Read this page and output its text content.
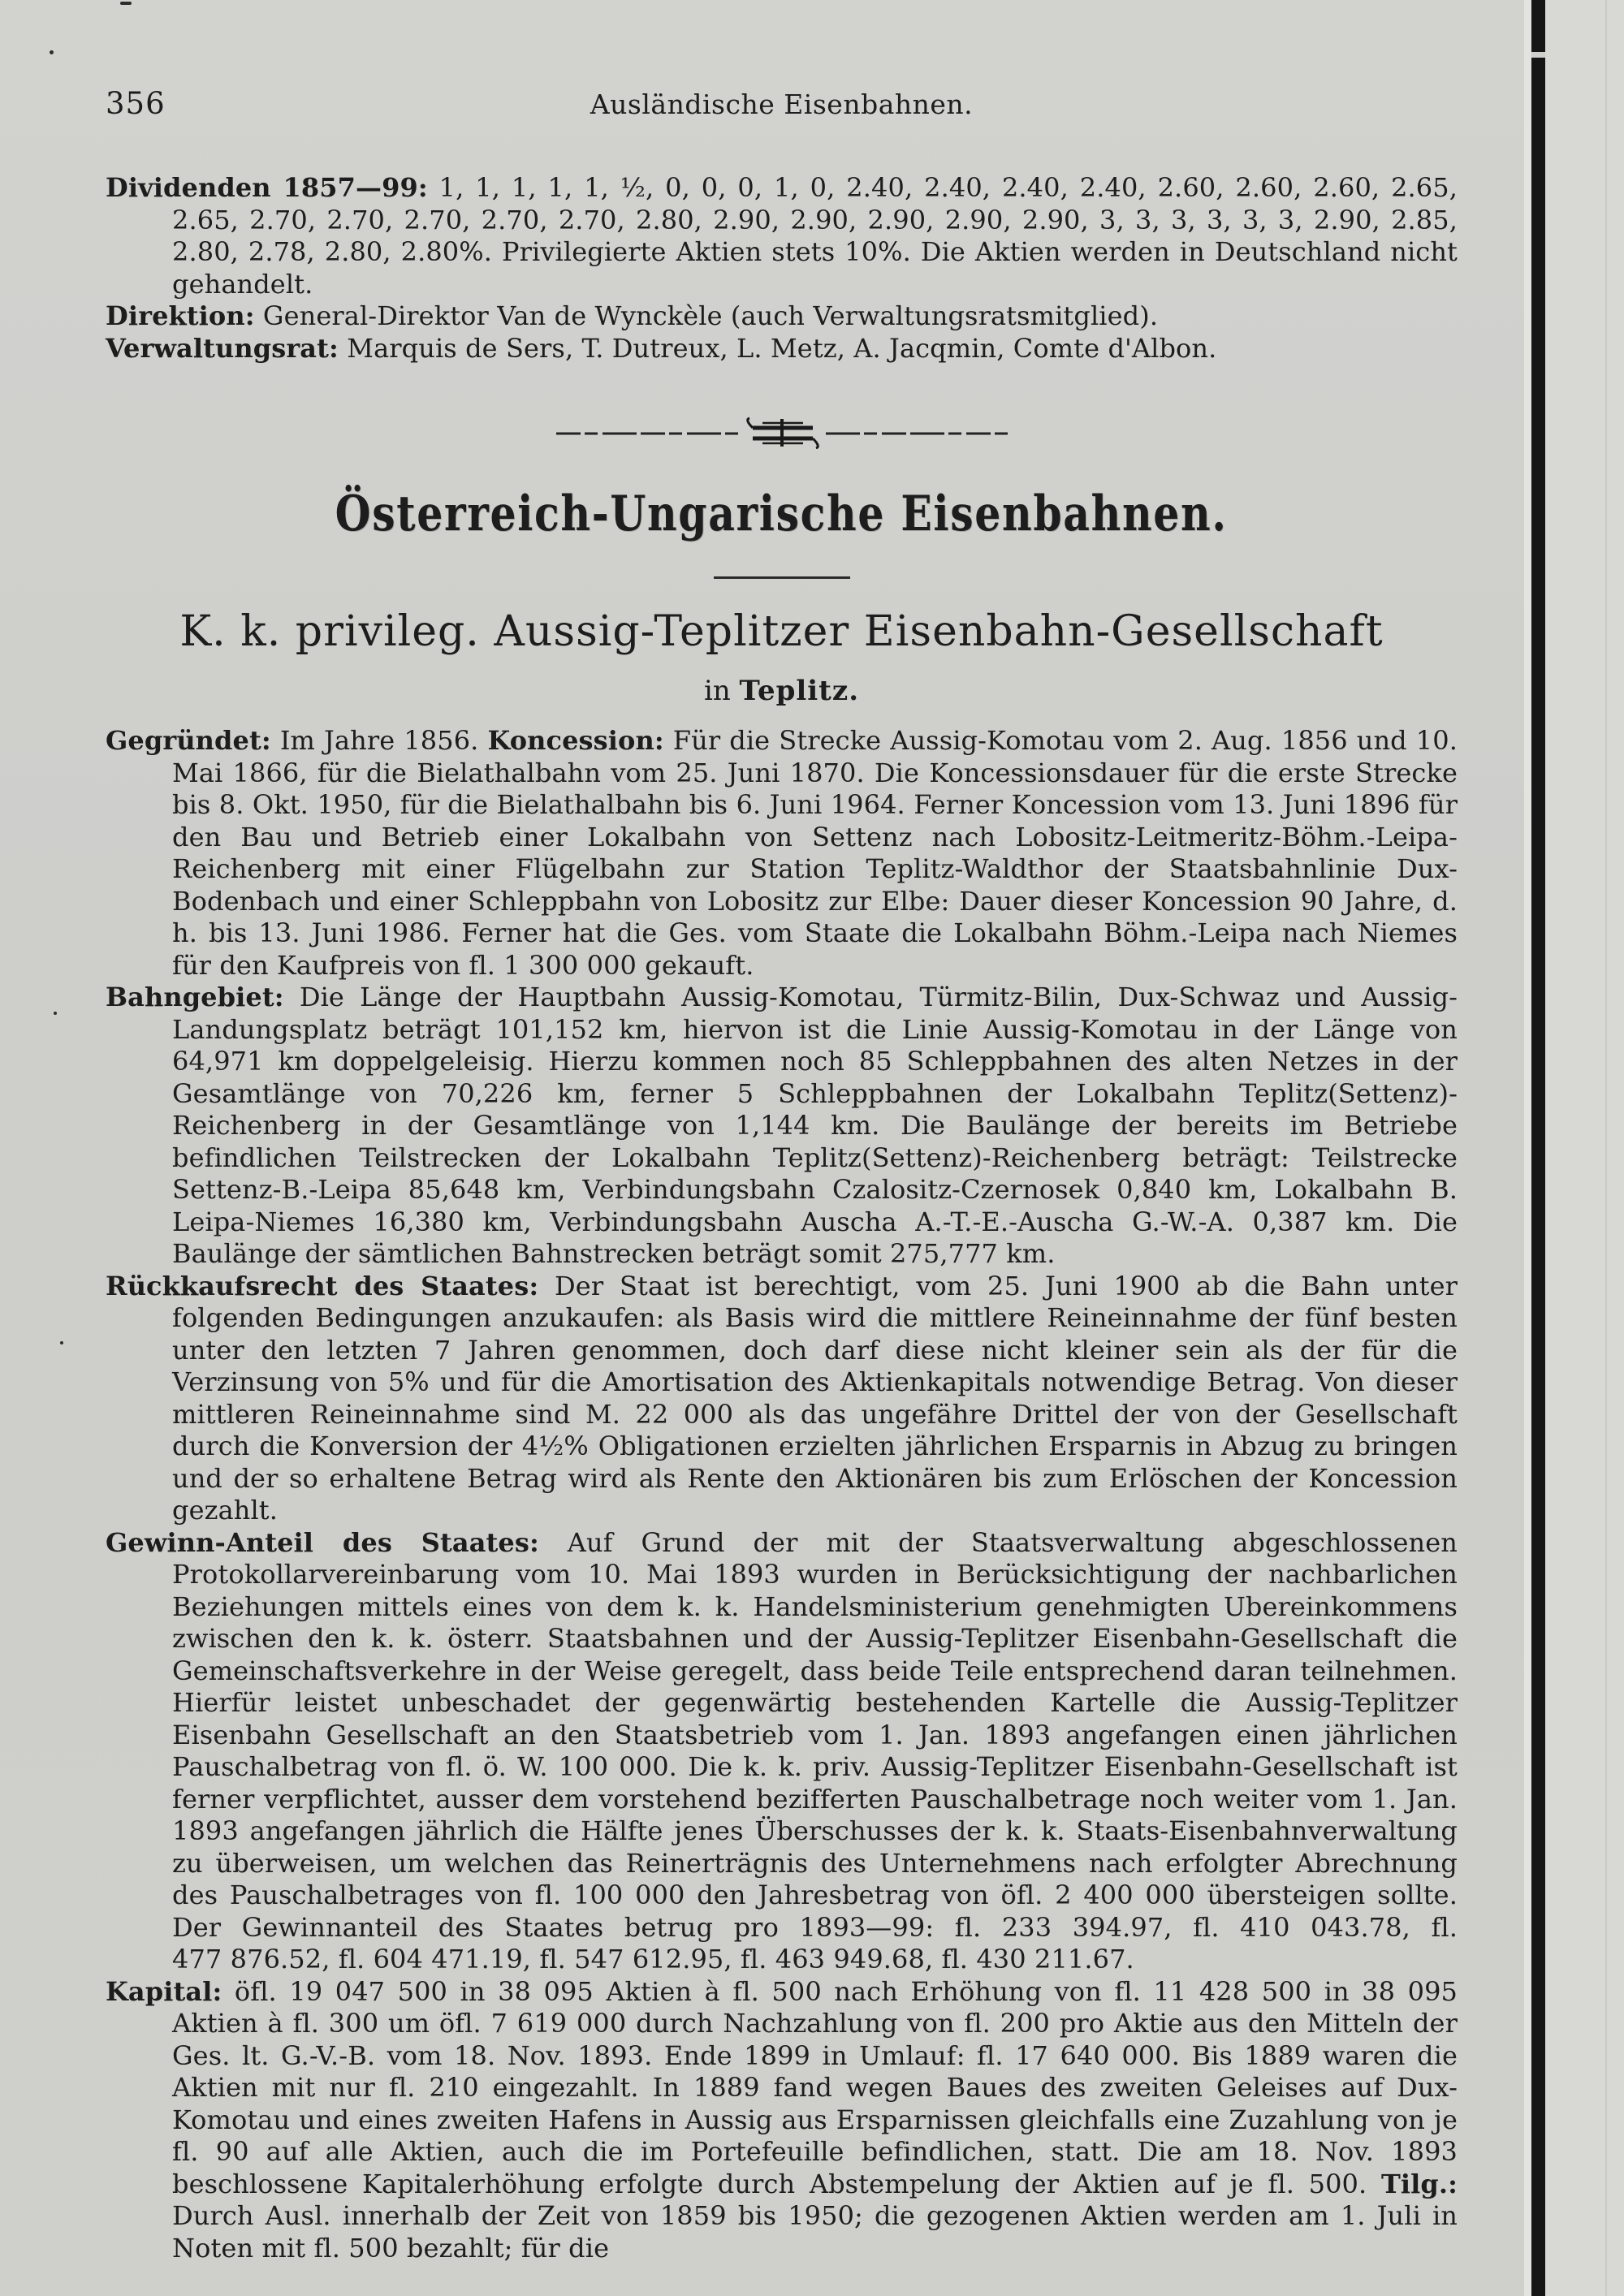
356	Ausländische Eisenbahnen.

Dividenden 1857—99: 1, 1, 1, 1, 1, ½, 0, 0, 0, 1, 0, 2.40, 2.40, 2.40, 2.40, 2.60, 2.60, 2.60, 2.65, 2.65, 2.70, 2.70, 2.70, 2.70, 2.70, 2.80, 2.90, 2.90, 2.90, 2.90, 2.90, 3, 3, 3, 3, 3, 3, 2.90, 2.85, 2.80, 2.78, 2.80, 2.80%. Privilegierte Aktien stets 10%. Die Aktien werden in Deutschland nicht gehandelt.

Direktion: General-Direktor Van de Wynckèle (auch Verwaltungsratsmitglied).

Verwaltungsrat: Marquis de Sers, T. Dutreux, L. Metz, A. Jacqmin, Comte d'Albon.

Österreich-Ungarische Eisenbahnen.
K. k. privileg. Aussig-Teplitzer Eisenbahn-Gesellschaft
in Teplitz.

Gegründet: Im Jahre 1856. Koncession: Für die Strecke Aussig-Komotau vom 2. Aug. 1856 und 10. Mai 1866, für die Bielathalbahn vom 25. Juni 1870. Die Koncessionsdauer für die erste Strecke bis 8. Okt. 1950, für die Bielathalbahn bis 6. Juni 1964. Ferner Koncession vom 13. Juni 1896 für den Bau und Betrieb einer Lokalbahn von Settenz nach Lobositz-Leitmeritz-Böhm.-Leipa-Reichenberg mit einer Flügelbahn zur Station Teplitz-Waldthor der Staatsbahnlinie Dux-Bodenbach und einer Schleppbahn von Lobositz zur Elbe: Dauer dieser Koncession 90 Jahre, d. h. bis 13. Juni 1986. Ferner hat die Ges. vom Staate die Lokalbahn Böhm.-Leipa nach Niemes für den Kaufpreis von fl. 1 300 000 gekauft.

Bahngebiet: Die Länge der Hauptbahn Aussig-Komotau, Türmitz-Bilin, Dux-Schwaz und Aussig-Landungsplatz beträgt 101,152 km, hiervon ist die Linie Aussig-Komotau in der Länge von 64,971 km doppelgeleisig. Hierzu kommen noch 85 Schleppbahnen des alten Netzes in der Gesamtlänge von 70,226 km, ferner 5 Schleppbahnen der Lokalbahn Teplitz(Settenz)-Reichenberg in der Gesamtlänge von 1,144 km. Die Baulänge der bereits im Betriebe befindlichen Teilstrecken der Lokalbahn Teplitz(Settenz)-Reichenberg beträgt: Teilstrecke Settenz-B.-Leipa 85,648 km, Verbindungsbahn Czalositz-Czernosek 0,840 km, Lokalbahn B. Leipa-Niemes 16,380 km, Verbindungsbahn Auscha A.-T.-E.-Auscha G.-W.-A. 0,387 km. Die Baulänge der sämtlichen Bahnstrecken beträgt somit 275,777 km.

Rückkaufsrecht des Staates: Der Staat ist berechtigt, vom 25. Juni 1900 ab die Bahn unter folgenden Bedingungen anzukaufen: als Basis wird die mittlere Reineinnahme der fünf besten unter den letzten 7 Jahren genommen, doch darf diese nicht kleiner sein als der für die Verzinsung von 5% und für die Amortisation des Aktienkapitals notwendige Betrag. Von dieser mittleren Reineinnahme sind M. 22 000 als das ungefähre Drittel der von der Gesellschaft durch die Konversion der 4½% Obligationen erzielten jährlichen Ersparnis in Abzug zu bringen und der so erhaltene Betrag wird als Rente den Aktionären bis zum Erlöschen der Koncession gezahlt.

Gewinn-Anteil des Staates: Auf Grund der mit der Staatsverwaltung abgeschlossenen Protokollarvereinbarung vom 10. Mai 1893 wurden in Berücksichtigung der nachbarlichen Beziehungen mittels eines von dem k. k. Handelsministerium genehmigten Ubereinkommens zwischen den k. k. österr. Staatsbahnen und der Aussig-Teplitzer Eisenbahn-Gesellschaft die Gemeinschaftsverkehre in der Weise geregelt, dass beide Teile entsprechend daran teilnehmen. Hierfür leistet unbeschadet der gegenwärtig bestehenden Kartelle die Aussig-Teplitzer Eisenbahn Gesellschaft an den Staatsbetrieb vom 1. Jan. 1893 angefangen einen jährlichen Pauschalbetrag von fl. ö. W. 100 000. Die k. k. priv. Aussig-Teplitzer Eisenbahn-Gesellschaft ist ferner verpflichtet, ausser dem vorstehend bezifferten Pauschalbetrage noch weiter vom 1. Jan. 1893 angefangen jährlich die Hälfte jenes Überschusses der k. k. Staats-Eisenbahnverwaltung zu überweisen, um welchen das Reinerträgnis des Unternehmens nach erfolgter Abrechnung des Pauschalbetrages von fl. 100 000 den Jahresbetrag von öfl. 2 400 000 übersteigen sollte. Der Gewinnanteil des Staates betrug pro 1893—99: fl. 233 394.97, fl. 410 043.78, fl. 477 876.52, fl. 604 471.19, fl. 547 612.95, fl. 463 949.68, fl. 430 211.67.

Kapital: öfl. 19 047 500 in 38 095 Aktien à fl. 500 nach Erhöhung von fl. 11 428 500 in 38 095 Aktien à fl. 300 um öfl. 7 619 000 durch Nachzahlung von fl. 200 pro Aktie aus den Mitteln der Ges. lt. G.-V.-B. vom 18. Nov. 1893. Ende 1899 in Umlauf: fl. 17 640 000. Bis 1889 waren die Aktien mit nur fl. 210 eingezahlt. In 1889 fand wegen Baues des zweiten Geleises auf Dux-Komotau und eines zweiten Hafens in Aussig aus Ersparnissen gleichfalls eine Zuzahlung von je fl. 90 auf alle Aktien, auch die im Portefeuille befindlichen, statt. Die am 18. Nov. 1893 beschlossene Kapitalerhöhung erfolgte durch Abstempelung der Aktien auf je fl. 500. Tilg.: Durch Ausl. innerhalb der Zeit von 1859 bis 1950; die gezogenen Aktien werden am 1. Juli in Noten mit fl. 500 bezahlt; für die
